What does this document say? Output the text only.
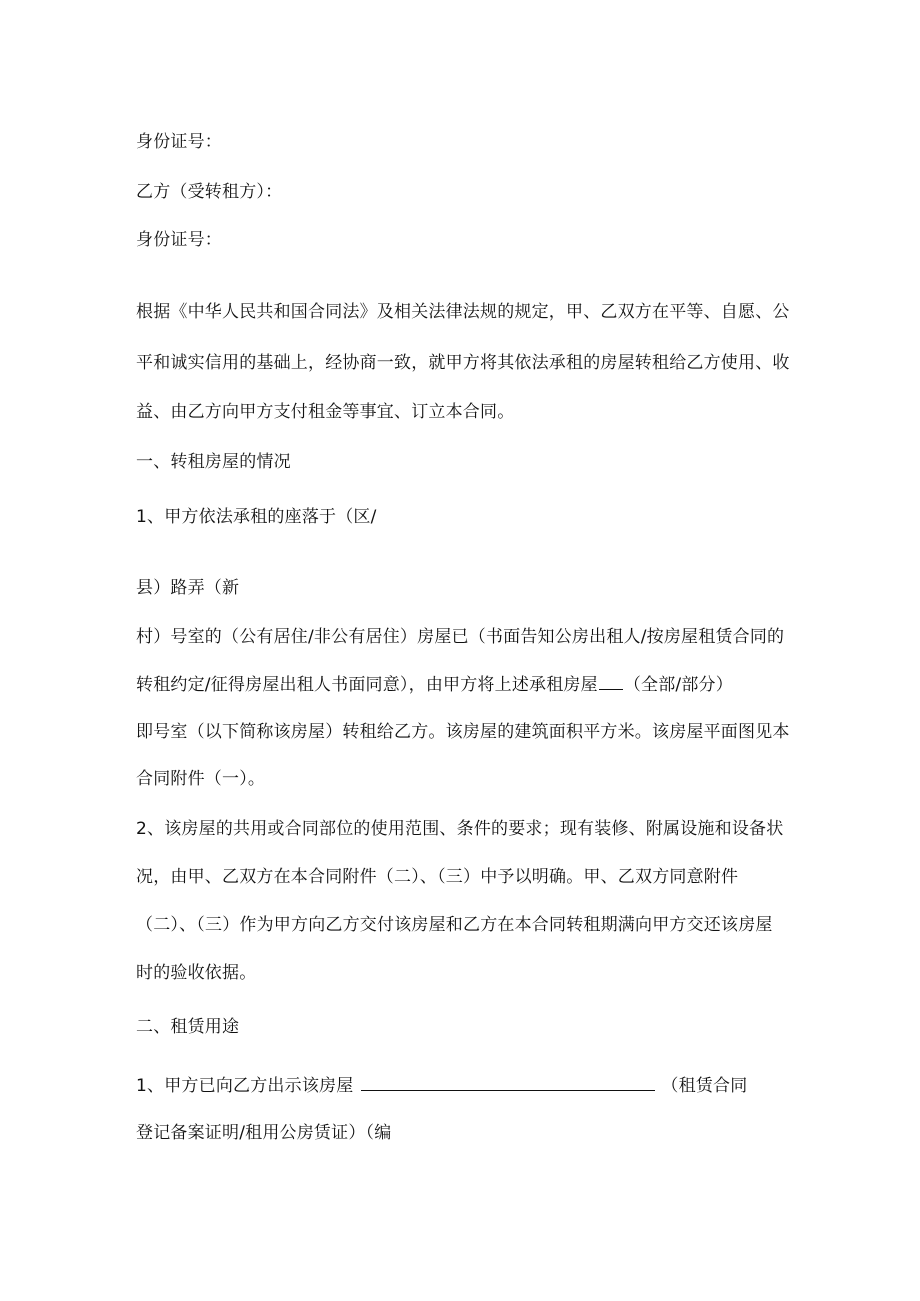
身份证号：
乙方（受转租方）：
身份证号：
根据《中华人民共和国合同法》及相关法律法规的规定，甲、乙双方在平等、自愿、公
平和诚实信用的基础上，经协商一致，就甲方将其依法承租的房屋转租给乙方使用、收
益、由乙方向甲方支付租金等事宜、订立本合同。
一、转租房屋的情况
1、甲方依法承租的座落于（区/
县）路弄（新
村）号室的（公有居住/非公有居住）房屋已（书面告知公房出租人/按房屋租赁合同的
转租约定/征得房屋出租人书面同意），由甲方将上述承租房屋 （全部/部分）
即号室（以下简称该房屋）转租给乙方。该房屋的建筑面积平方米。该房屋平面图见本
合同附件（一）。
2、该房屋的共用或合同部位的使用范围、条件的要求；现有装修、附属设施和设备状
况，由甲、乙双方在本合同附件（二）、（三）中予以明确。甲、乙双方同意附件
（二）、（三）作为甲方向乙方交付该房屋和乙方在本合同转租期满向甲方交还该房屋
时的验收依据。
二、租赁用途
1、甲方已向乙方出示该房屋	（租赁合同
登记备案证明/租用公房赁证）（编
